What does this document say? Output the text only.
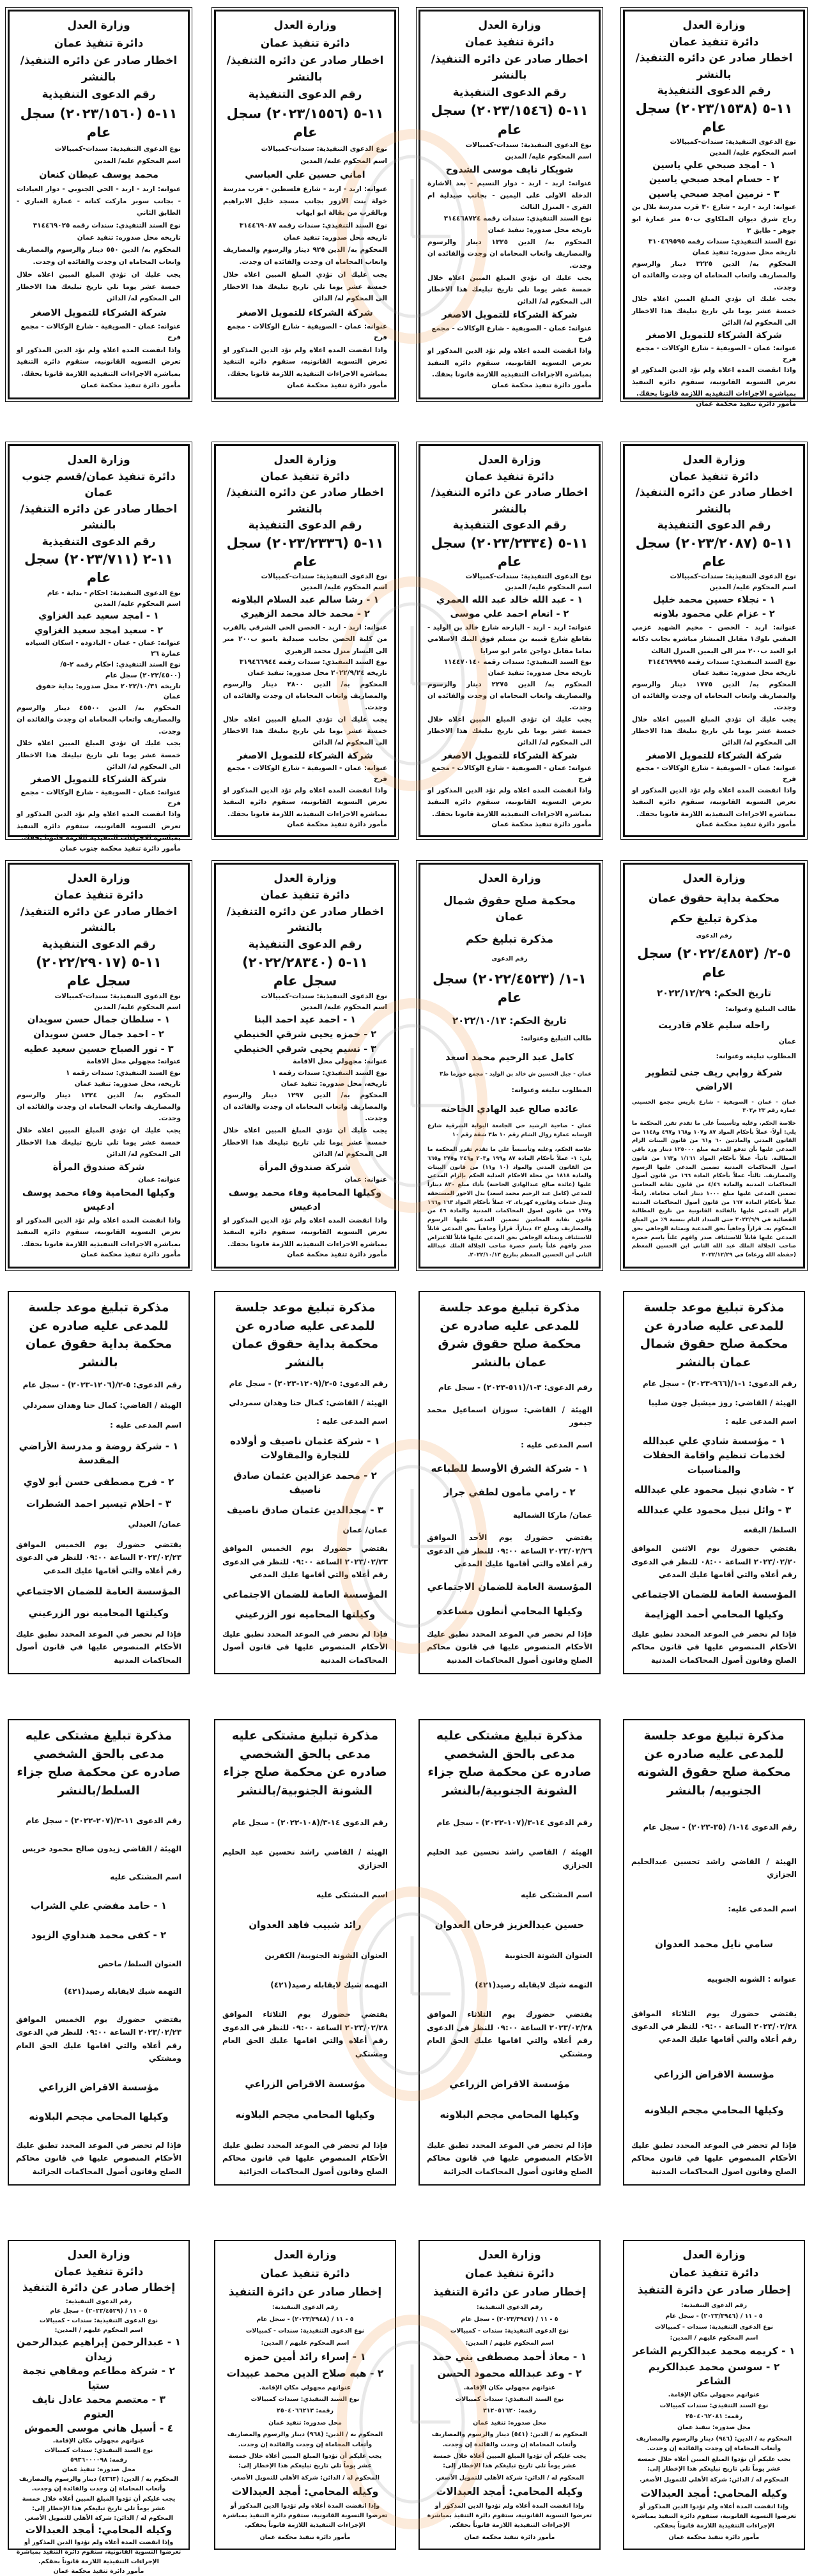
وزارة العدل

دائرة تنفيذ عمان

اخطار صادر عن دائره التنفيذ/ بالنشر

رقم الدعوى التنفيذية

١١-٥ (٢٠٢٣/١٥٣٨) سجل عام

نوع الدعوى التنفيذية: سندات-كمبيالات

اسم المحكوم عليه/ المدين

١ - امجد صبحي علي ياسين

٢ - حسام امجد صبحي ياسين

٣ - نرمين امجد صبحي ياسين

عنوانه: اربد - اربد - شارع ٣٠ قرب مدرسة بلال بن رباح شرق ديوان الملكاوي ب٥٠ متر عمارة ابو جوهر - طابق ٣

نوع السند التنفيذي: سندات رقمه ٣١٠٤٦٩٥٩٥

تاريخه محل صدوره: تنفيذ عمان

المحكوم به/ الدين ٣٢٢٥ دينار والرسوم والمصاريف واتعاب المحاماه ان وجدت والفائده ان وجدت.

يجب عليك ان تؤدي المبلغ المبين اعلاه خلال خمسة عشر يوما تلي تاريخ تبليغك هذا الاخطار الى المحكوم له/ الدائن

شركة الشركاء للتمويل الاصغر

عنوانه: عمان - الصويفية - شارع الوكالات - مجمع فرح

واذا انقضت المده اعلاه ولم تؤد الدين المذكور او تعرض التسويه القانونيه، ستقوم دائره التنفيذ بمباشره الاجراءات التنفيذيه اللازمة قانونا بحقك.

مأمور دائرة تنفيذ محكمة عمان

وزارة العدل

دائرة تنفيذ عمان

اخطار صادر عن دائره التنفيذ/ بالنشر

رقم الدعوى التنفيذية

١١-٥ (٢٠٢٣/١٥٤٦) سجل عام

نوع الدعوى التنفيذية: سندات-كمبيالات

اسم المحكوم عليه/ المدين

شويكار نايف موسى الشدوح

عنوانه: اربد - اربد - دوار النسيم - بعد الاشارة الدخلة الاولى على اليمين - بجانب صيدلية ام القرى - المنزل الثالث

نوع السند التنفيذي: سندات رقمه ٣١٤٤٦٨٧٢٤

تاريخه محل صدوره: تنفيذ عمان

المحكوم به/ الدين ١٣٢٥ دينار والرسوم والمصاريف واتعاب المحاماه ان وجدت والفائده ان وجدت.

يجب عليك ان تؤدي المبلغ المبين اعلاه خلال خمسة عشر يوما تلي تاريخ تبليغك هذا الاخطار الى المحكوم له/ الدائن

شركة الشركاء للتمويل الاصغر

عنوانه: عمان - الصويفية - شارع الوكالات - مجمع فرح

واذا انقضت المده اعلاه ولم تؤد الدين المذكور او تعرض التسويه القانونيه، ستقوم دائره التنفيذ بمباشره الاجراءات التنفيذيه اللازمة قانونا بحقك.

مأمور دائرة تنفيذ محكمة عمان

وزارة العدل

دائرة تنفيذ عمان

اخطار صادر عن دائره التنفيذ/ بالنشر

رقم الدعوى التنفيذية

١١-٥ (٢٠٢٣/١٥٥٦) سجل عام

نوع الدعوى التنفيذية: سندات-كمبيالات

اسم المحكوم عليه/ المدين

اماني حسين علي العباسي

عنوانه: اربد - اربد - شارع فلسطين - قرب مدرسة خولة بنت الازور بجانب مسجد خليل الابراهيم وبالقرب من بقالة ابو ايهاب

نوع السند التنفيذي: سندات رقمه ٣١٤٤٦٩٠٨٧

تاريخه محل صدوره: تنفيذ عمان

المحكوم به/ الدين ٩٢٥ دينار والرسوم والمصاريف واتعاب المحاماه ان وجدت والفائده ان وجدت.

يجب عليك ان تؤدي المبلغ المبين اعلاه خلال خمسة عشر يوما تلي تاريخ تبليغك هذا الاخطار الى المحكوم له/ الدائن

شركة الشركاء للتمويل الاصغر

عنوانه: عمان - الصويفية - شارع الوكالات - مجمع فرح

واذا انقضت المده اعلاه ولم تؤد الدين المذكور او تعرض التسويه القانونيه، ستقوم دائره التنفيذ بمباشره الاجراءات التنفيذيه اللازمة قانونا بحقك.

مأمور دائرة تنفيذ محكمة عمان

وزارة العدل

دائرة تنفيذ عمان

اخطار صادر عن دائره التنفيذ/ بالنشر

رقم الدعوى التنفيذية

١١-٥ (٢٠٢٣/١٥٦٠) سجل عام

نوع الدعوى التنفيذية: سندات-كمبيالات

اسم المحكوم عليه/ المدين

محمد يوسف عيطان كنعان

عنوانه: اربد - اربد - الحي الجنوبي - دوار العيادات - بجانب سوبر ماركت كنانه - عمارة الغباري - الطابق الثاني

نوع السند التنفيذي: سندات رقمه ٣١٤٤٦٩٠٢٥

تاريخه محل صدوره: تنفيذ عمان

المحكوم به/ الدين ٥٥٠ دينار والرسوم والمصاريف واتعاب المحاماه ان وجدت والفائده ان وجدت.

يجب عليك ان تؤدي المبلغ المبين اعلاه خلال خمسة عشر يوما تلي تاريخ تبليغك هذا الاخطار الى المحكوم له/ الدائن

شركة الشركاء للتمويل الاصغر

عنوانه: عمان - الصويفية - شارع الوكالات - مجمع فرح

واذا انقضت المده اعلاه ولم تؤد الدين المذكور او تعرض التسويه القانونيه، ستقوم دائره التنفيذ بمباشره الاجراءات التنفيذيه اللازمة قانونا بحقك.

مأمور دائرة تنفيذ محكمة عمان

وزارة العدل

دائرة تنفيذ عمان

اخطار صادر عن دائره التنفيذ/ بالنشر

رقم الدعوى التنفيذية

١١-٥ (٢٠٢٣/٢٠٨٧) سجل عام

نوع الدعوى التنفيذية: سندات-كمبيالات

اسم المحكوم عليه/ المدين

١ - نجلاء حسين محمد خليل

٢ - عزام علي محمود بلاونه

عنوانه: اربد - الحصن - مخيم الشهيد عزمي المفتي بلوك١ مقابل المنشار مباشره بجانب دكانه ابو العبد ب٢٠٠ متر الى اليمين المنزل الثالث

نوع السند التنفيذي: سندات رقمه ٣١٤٤٦٩٩٩٥

تاريخه محل صدوره: تنفيذ عمان

المحكوم به/ الدين ١٧٧٥ دينار والرسوم والمصاريف واتعاب المحاماه ان وجدت والفائده ان وجدت.

يجب عليك ان تؤدي المبلغ المبين اعلاه خلال خمسة عشر يوما تلي تاريخ تبليغك هذا الاخطار الى المحكوم له/ الدائن

شركة الشركاء للتمويل الاصغر

عنوانه: عمان - الصويفية - شارع الوكالات - مجمع فرح

واذا انقضت المده اعلاه ولم تؤد الدين المذكور او تعرض التسويه القانونيه، ستقوم دائره التنفيذ بمباشره الاجراءات التنفيذيه اللازمة قانونا بحقك.

مأمور دائرة تنفيذ محكمة عمان

وزارة العدل

دائرة تنفيذ عمان

اخطار صادر عن دائره التنفيذ/ بالنشر

رقم الدعوى التنفيذية

١١-٥ (٢٠٢٣/٢٣٣٤) سجل عام

نوع الدعوى التنفيذية: سندات-كمبيالات

اسم المحكوم عليه/ المدين

١ - عبد الله خالد عبد الله العمري

٢ - انعام احمد علي موسى

عنوانه: اربد - اربد - البارحه شارع خالد بن الوليد - تقاطع شارع قتيبه بن مسلم فوق البنك الاسلامي تماما مقابل دواجن عامر ابو سرايا

نوع السند التنفيذي: سندات رقمه ١١٤٤٧٠١٤٠

تاريخه محل صدوره: تنفيذ عمان

المحكوم به/ الدين ٢٢٧٥ دينار والرسوم والمصاريف واتعاب المحاماه ان وجدت والفائده ان وجدت.

يجب عليك ان تؤدي المبلغ المبين اعلاه خلال خمسة عشر يوما تلي تاريخ تبليغك هذا الاخطار الى المحكوم له/ الدائن

شركة الشركاء للتمويل الاصغر

عنوانه: عمان - الصويفية - شارع الوكالات - مجمع فرح

واذا انقضت المده اعلاه ولم تؤد الدين المذكور او تعرض التسويه القانونيه، ستقوم دائره التنفيذ بمباشره الاجراءات التنفيذيه اللازمة قانونا بحقك.

مأمور دائرة تنفيذ محكمة عمان

وزارة العدل

دائرة تنفيذ عمان

اخطار صادر عن دائره التنفيذ/ بالنشر

رقم الدعوى التنفيذية

١١-٥ (٢٠٢٣/٢٣٣٦) سجل عام

نوع الدعوى التنفيذية: سندات-كمبيالات

اسم المحكوم عليه/ المدين

١ - رشا سالم عبد السلام البلاونه

٢ - محمد خالد محمد الزهيري

عنوانه: اربد - اربد - الحصن الحي الشرقي بالقرب من كلية الحصن بجانب صيدلية يامبو ب٢٠٠ متر الى اليسار منزل محمد الزهيري

نوع السند التنفيذي: سندات رقمه ٣١٩٤٦٦٩٤٤

تاريخه ٢٠٢٢/٩/٢٤ محل صدوره: تنفيذ عمان

المحكوم به/ الدين ٢٨٠٠ دينار والرسوم والمصاريف واتعاب المحاماه ان وجدت والفائده ان وجدت.

يجب عليك ان تؤدي المبلغ المبين اعلاه خلال خمسة عشر يوما تلي تاريخ تبليغك هذا الاخطار الى المحكوم له/ الدائن

شركة الشركاء للتمويل الاصغر

عنوانه: عمان - الصويفية - شارع الوكالات - مجمع فرح

واذا انقضت المده اعلاه ولم تؤد الدين المذكور او تعرض التسويه القانونيه، ستقوم دائره التنفيذ بمباشره الاجراءات التنفيذيه اللازمة قانونا بحقك.

مأمور دائرة تنفيذ محكمة عمان

وزارة العدل

دائرة تنفيذ عمان/قسم جنوب عمان

اخطار صادر عن دائره التنفيذ/ بالنشر

رقم الدعوى التنفيذية

١١-٢ (٢٠٢٣/٧١١) سجل عام

نوع الدعوى التنفيذية: احكام - بداية - عام

اسم المحكوم عليه/ المدين

١ - امجد سعيد عبد الغزاوي

٢ - سعيد امجد سعيد الغزاوي

عنوانه: عمان - عمان - البادوده - اسكان السياده عمارة ٢٦

نوع السند التنفيذي: احكام رقمه ٢-٥/ (٢٠٢٢/٤٥٠٠) سجل عام

تاريخه ٢٠٢٢/١٠/٣١ محل صدوره: بداية حقوق عمان

المحكوم به/ الدين ٤٥٥٠٠ دينار والرسوم والمصاريف واتعاب المحاماه ان وجدت والفائده ان وجدت.

يجب عليك ان تؤدي المبلغ المبين اعلاه خلال خمسة عشر يوما تلي تاريخ تبليغك هذا الاخطار الى المحكوم له/ الدائن

شركة الشركاء للتمويل الاصغر

عنوانه: عمان - الصويفية - شارع الوكالات - مجمع فرح

واذا انقضت المده اعلاه ولم تؤد الدين المذكور او تعرض التسويه القانونيه، ستقوم دائره التنفيذ بمباشره الاجراءات التنفيذيه اللازمة قانونا بحقك.

مأمور دائرة تنفيذ محكمة جنوب عمان

وزارة العدل

محكمة بداية حقوق عمان

مذكرة تبليغ حكم

رقم الدعوى

٥-٢/ (٢٠٢٢/٤٨٥٣) سجل عام

تاريخ الحكم: ٢٠٢٢/١٢/٢٩

طالب التبليغ وعنوانه:

راحله سليم غلام قادريت

عمان

المطلوب تبليغه وعنوانه:

شركة روابي ريف جنى لتطوير الاراضي

عمان - عمان - الصويفية - شارع باريس مجمع الحسيني عمارة رقم ٢٣ م٣٠٣

خلاصة الحكم، وعليه وتأسيساً على ما تقدم تقرر المحكمة ما يلي: أولاً- عملاً بأحكام المواد ٨٧ و١٠٧ و١٦٨ و٤٩٧ و١١٤٨ من القانون المدني والمادتين ٦٠ و٦١ من قانون البينات الزام المدعى عليها بأن تدفع للمدعية مبلغ ١٢٥٠٠٠ دينار ورد باقي المطالبة. ثانياً- عملاً بأحكام المواد ١/١٦١ و١٦٣ من قانون اصول المحاكمات المدنية تضمين المدعى عليها الرسوم والمصاريف. ثالثاً- عملاً بأحكام المادة ١٦٦ من قانون أصول المحاكمات المدنية والمادة ٤/٤٦ من قانون نقابة المحامين تضمين المدعى عليها مبلغ ١٠٠٠ دينار أتعاب محاماة. رابعاً- عملاً بأحكام المادة ١٦٧ من قانون أصول المحاكمات المدنية الزام المدعى عليها بالفائدة القانونية من تاريخ المطالبة القضائية في ٢٠٢٢/٦/٩ حتى السداد التام بنسبة ٩٪ من المبلغ المحكوم به. قراراً وجاهياً بحق المدعية وبمثابة الوجاهي بحق المدعى عليها قابلاً للاستئناف صدر وافهم علناً باسم حضرة صاحب الجلالة الملك عبد الله الثاني ابن الحسين المعظم (حفظه الله ورعاه) في ٢٠٢٢/١٢/٢٩

وزارة العدل

محكمة صلح حقوق شمال عمان

مذكرة تبليغ حكم

رقم الدعوى

١-١/ (٢٠٢٢/٤٥٢٣) سجل عام

تاريخ الحكم: ٢٠٢٢/١٠/١٣

طالب التبليغ وعنوانه:

كامل عبد الرحيم محمد اسعد

عمان - جبل الحسين ش خالد بن الوليد - مجمع خورما ط٣

المطلوب تبليغه وعنوانه:

عائده صالح عبد الهادي الحاحنه

عمان - ضاحية الرشيد حي الجامعة البوابة الشرقية شارع الوسابه عمارة روال الشام رقم ١٠ ط٣ شقة رقم ١٠

خلاصة الحكم، وعليه وتأسيساً على ما تقدم تقرر المحكمة ما يلي: ١- عملاً بأحكام المادة ٨٧ و١٩٩ و٢٠٣ و٢٤٦ و٢٧٥ و٦٦٥ من القانون المدني والمواد (١٠ و١١) من قانون البينات والمادة ١٨١٨ من مجلة الاحكام العدلية الحكم بإلزام المدعى عليها (عائدة صالح عبدالهادي الحاحنة) بأداء مبلغ ٨٣٠ ديناراً للمدعي (كامل عبد الرحيم محمد اسعد) بدل الاجور المستحقة وبدل خدمات وفاتورة كهرباء. ٢- عملاً بأحكام المواد ١٦٣ و١٦٦ و١٦٧ من قانون اصول المحاكمات المدنية والمادة ٤٦ من قانون نقابة المحامين تضمين المدعى عليها الرسوم والمصاريف ومبلغ ٤٢ ديناراً. قراراً وجاهياً بحق المدعي قابلاً للاستئناف وبمثابة الوجاهي بحق المدعى عليها قابلاً للاعتراض صدر وافهم علناً باسم حضرة صاحب الجلالة الملك عبدالله الثاني ابن الحسين المعظم بتاريخ ٢٠٢٢/١٠/١٣.

وزارة العدل

دائرة تنفيذ عمان

اخطار صادر عن دائره التنفيذ/ بالنشر

رقم الدعوى التنفيذية

١١-٥ (٢٠٢٢/٢٨٣٤٠) سجل عام

نوع الدعوى التنفيذية: سندات-كمبيالات

اسم المحكوم عليه/ المدين

١ - احمد عيد احمد البنا

٢ - حمزه يحيى شرقي الخنيطي

٣ - نسيم يحيى شرقي الخنيطي

عنوانه: مجهولي محل الاقامة

نوع السند التنفيذي: سندات رقمه ١

تاريخه، محل صدوره: تنفيذ عمان

المحكوم به/ الدين ١٢٩٧ دينار والرسوم والمصاريف واتعاب المحاماه ان وجدت والفائده ان وجدت.

يجب عليك ان تؤدي المبلغ المبين اعلاه خلال خمسة عشر يوما تلي تاريخ تبليغك هذا الاخطار الى المحكوم له/ الدائن

شركة صندوق المرأة

عنوانه: عمان

وكيلها المحامية وفاء محمد يوسف ادعيس

واذا انقضت المده اعلاه ولم تؤد الدين المذكور او تعرض التسويه القانونيه، ستقوم دائره التنفيذ بمباشره الاجراءات التنفيذيه اللازمة قانونا بحقك.

مأمور دائرة تنفيذ محكمة عمان

وزارة العدل

دائرة تنفيذ عمان

اخطار صادر عن دائره التنفيذ/ بالنشر

رقم الدعوى التنفيذية

١١-٥ (٢٠٢٢/٢٩٠١٧) سجل عام

نوع الدعوى التنفيذية: سندات-كمبيالات

اسم المحكوم عليه/ المدين

١ - سلطان جمال حسن سويدان

٢ - احمد جمال حسن سويدان

٣ - نور الصباح حسين سعيد عطيه

عنوانه: مجهولي محل الاقامة

نوع السند التنفيذي: سندات رقمه ١

تاريخه، محل صدوره: تنفيذ عمان

المحكوم به/ الدين ١٣٢٤ دينار والرسوم والمصاريف واتعاب المحاماه ان وجدت والفائده ان وجدت.

يجب عليك ان تؤدي المبلغ المبين اعلاه خلال خمسة عشر يوما تلي تاريخ تبليغك هذا الاخطار الى المحكوم له/ الدائن

شركة صندوق المرأة

عنوانه: عمان

وكيلها المحامية وفاء محمد يوسف ادعيس

واذا انقضت المده اعلاه ولم تؤد الدين المذكور او تعرض التسويه القانونيه، ستقوم دائره التنفيذ بمباشره الاجراءات التنفيذيه اللازمة قانونا بحقك.

مأمور دائرة تنفيذ محكمة عمان

مذكرة تبليغ موعد جلسة للمدعى عليه صادرة عن محكمة صلح حقوق شمال عمان بالنشر

رقم الدعوى: ١-١/(٩٦٦-٢٠٢٣) - سجل عام

الهيئة / القاضي: روز ميشيل جون صليبا

اسم المدعى عليه :

١ - مؤسسة شادي علي عبدالله لخدمات تنظيم واقامة الحفلات والمناسبات

٢ - شادي نبيل محمود علي عبدالله

٣ - وائل نبيل محمود علي عبدالله

السلط/ البقعه

يقتضي حضورك يوم الاثنين الموافق ٢٠٢٣/٠٢/٢٠ الساعة ٠٨:٠٠ للنظر في الدعوى رقم أعلاه والتي أقامها عليك المدعي

المؤسسة العامة للضمان الاجتماعي

وكيلها المحامي أحمد الهزايمة

فإذا لم تحضر في الموعد المحدد تطبق عليك الأحكام المنصوص عليها في قانون محاكم الصلح وقانون أصول المحاكمات المدنية

مذكرة تبليغ موعد جلسة للمدعى عليه صادره عن محكمة صلح حقوق شرق عمان بالنشر

رقم الدعوى: ٣-١/(٥١١-٢٠٢٣) - سجل عام

الهيئة / القاضي: سوزان اسماعيل محمد جيمور

اسم المدعى عليه :

١ - شركة الشرق الأوسط للطباعه

٢ - رامي مأمون لطفي جرار

عمان/ ماركا الشمالية

يقتضي حضورك يوم الأحد الموافق ٢٠٢٣/٠٢/٢٦ الساعة ٠٩:٠٠ للنظر في الدعوى رقم أعلاه والتي أقامها عليك المدعي

المؤسسة العامة للضمان الاجتماعي

وكيلها المحامي أنطون مساعده

فإذا لم تحضر في الموعد المحدد تطبق عليك الأحكام المنصوص عليها في قانون محاكم الصلح وقانون أصول المحاكمات المدنية

مذكرة تبليغ موعد جلسة للمدعى عليه صادره عن محكمة بداية حقوق عمان بالنشر

رقم الدعوى: ٥-٢/(١٢٠٩-٢٠٢٣) - سجل عام

الهيئة / القاضي: كمال حنا وهدان سمردلي

اسم المدعى عليه :

١ - شركة عثمان ناصيف و أولاده للتجارة والمقاولات

٢ - محمد عزالدين عثمان صادق ناصيف

٣ - مجدالدين عثمان صادق ناصيف

عمان/ عمان

يقتضي حضورك يوم الخميس الموافق ٢٠٢٣/٠٢/٢٣ الساعة ٠٩:٠٠ للنظر في الدعوى رقم أعلاه والتي أقامها عليك المدعي

المؤسسة العامة للضمان الاجتماعي

وكيلتها المحاميه نور الزرعيني

فإذا لم تحضر في الموعد المحدد تطبق عليك الأحكام المنصوص عليها في قانون أصول المحاكمات المدنية

مذكرة تبليغ موعد جلسة للمدعى عليه صادره عن محكمة بداية حقوق عمان بالنشر

رقم الدعوى: ٥-٢/(١٢٠٦-٢٠٢٣) - سجل عام

الهيئة / القاضي: كمال حنا وهدان سمردلي

اسم المدعى عليه :

١ - شركة روضة و مدرسة الأراضي المقدسة

٢ - فرح مصطفى حسن أبو لاوي

٣ - احلام تيسير احمد الشطرات

عمان/ العبدلي

يقتضي حضورك يوم الخميس الموافق ٢٠٢٣/٠٢/٢٣ الساعة ٠٩:٠٠ للنظر في الدعوى رقم أعلاه والتي أقامها عليك المدعي

المؤسسة العامة للضمان الاجتماعي

وكيلتها المحاميه نور الزرعيني

فإذا لم تحضر في الموعد المحدد تطبق عليك الأحكام المنصوص عليها في قانون أصول المحاكمات المدنية

مذكرة تبليغ موعد جلسة للمدعى عليه صادره عن محكمة صلح حقوق الشونه الجنوبيه/ بالنشر

رقم الدعوى ١٤-١/ (٣٥-٢٠٢٣) - سجل عام

الهيئة / القاضي راشد تحسين عبدالحليم الجزازي

اسم المدعى عليه:

سامي نايل محمد العدوان

عنوانه : الشونه الجنوبيه

يقتضي حضورك يوم الثلاثاء الموافق ٢٠٢٣/٠٢/٢٨ الساعة ٠٩:٠٠ للنظر في الدعوى رقم أعلاه والتي أقامها عليك المدعي

مؤسسة الاقراض الزراعي

وكيلها المحامي مجحم البلاونه

فإذا لم تحضر في الموعد المحدد تطبق عليك الأحكام المنصوص عليها في قانون محاكم الصلح وقانون اصول المحاكمات المدنية

مذكرة تبليغ مشتكى عليه مدعى بالحق الشخصي صادره عن محكمة صلح جزاء الشونة الجنوبية/بالنشر

رقم الدعوى ١٤-٣/(١٠٧-٢٠٢٢) - سجل عام

الهيئة / القاضي راشد تحسين عبد الحليم الجزازي

اسم المشتكى عليه

حسين عبدالعزيز فرحان العدوان

العنوان الشونة الجنوبية

التهمه شيك لايقابله رصيد(٤٢١)

يقتضي حضورك يوم الثلاثاء الموافق ٢٠٢٣/٠٢/٢٨ الساعة ٠٩:٠٠ للنظر في الدعوى رقم أعلاه والتي اقامها عليك الحق العام ومشتكي

مؤسسة الاقراض الزراعي

وكيلها المحامي مجحم البلاونه

فإذا لم تحضر في الموعد المحدد تطبق عليك الأحكام المنصوص عليها في قانون محاكم الصلح وقانون أصول المحاكمات الجزائية

مذكرة تبليغ مشتكى عليه مدعى بالحق الشخصي صادره عن محكمة صلح جزاء الشونة الجنوبية/بالنشر

رقم الدعوى ١٤-٣/(١٠٨-٢٠٢٢) - سجل عام

الهيئة / القاضي راشد تحسين عبد الحليم الجزازي

اسم المشتكى عليه

رائد شبيب فاهد العدوان

العنوان الشونة الجنوبية/ الكفرين

التهمه شيك لايقابله رصيد(٤٢١)

يقتضي حضورك يوم الثلاثاء الموافق ٢٠٢٣/٠٢/٢٨ الساعة ٠٩:٠٠ للنظر في الدعوى رقم أعلاه والتي اقامها عليك الحق العام ومشتكي

مؤسسة الاقراض الزراعي

وكيلها المحامي مجحم البلاونه

فإذا لم تحضر في الموعد المحدد تطبق عليك الأحكام المنصوص عليها في قانون محاكم الصلح وقانون أصول المحاكمات الجزائية

مذكرة تبليغ مشتكى عليه مدعى بالحق الشخصي صادره عن محكمة صلح جزاء السلط/بالنشر

رقم الدعوى ١١-٣/(٢٠٧-٢٠٢٢) - سجل عام

الهيئة / القاضي زيدون صالح محمود خريس

اسم المشتكى عليه

١ - حامد مفضي علي الشراب

٢ - كفى محمد هنداوي الزيود

العنوان السلط/ ماحص

التهمه شيك لايقابله رصيد(٤٢١)

يقتضي حضورك يوم الخميس الموافق ٢٠٢٣/٠٢/٢٣ الساعة ٠٩:٠٠ للنظر في الدعوى رقم أعلاه والتي اقامها عليك الحق العام ومشتكي

مؤسسة الاقراض الزراعي

وكيلها المحامي مجحم البلاونه

فإذا لم تحضر في الموعد المحدد تطبق عليك الأحكام المنصوص عليها في قانون محاكم الصلح وقانون أصول المحاكمات الجزائية

وزارة العدل

دائرة تنفيذ عمان

إخطار صادر عن دائرة التنفيذ

رقم الدعوى التنفيذية:

٥ - ١١ / (٢٠٢٣/٣٩٤٦) - سجل عام

نوع الدعوى التنفيذية: سندات - كمبيالات

اسم المحكوم عليهم / المدين:

١ - كريمه محمد عبدالكريم الشاعر

٢ - سوسن محمد عبدالكريم الشاعر

عنوانهم مجهولي مكان الإقامة.

نوع السند التنفيذي: سندات كمبيالات

رقمه: ٢٥٠٤٠٦٢٠٨١

محل صدوره: تنفيذ عمان

المحكوم به / الدين: (٩٤٦) دينار والرسوم والمصاريف وأتعاب المحاماة إن وجدت والفائدة إن وجدت.

يجب عليكم أن تؤدوا المبلغ المبين أعلاه خلال خمسة عشر يوماً تلي تاريخ تبليغكم هذا الإخطار إلى:

المحكوم له / الدائن: شركة الأهلي للتمويل الأصغر.

وكيله المحامي: أمجد العبدالات

وإذا انقضت المدة أعلاه ولم تؤدوا الدين المذكور أو تعرضوا التسوية القانونية، ستقوم دائرة التنفيذ بمباشرة الإجراءات التنفيذية اللازمة قانوناً بحقكم.

مأمور دائرة تنفيذ محكمة عمان

وزارة العدل

دائرة تنفيذ عمان

إخطار صادر عن دائرة التنفيذ

رقم الدعوى التنفيذية:

٥ - ١١ / (٢٠٢٣/٣٩٤٧) - سجل عام

نوع الدعوى التنفيذية: سندات - كمبيالات

اسم المحكوم عليهم / المدين:

١ - معاذ أحمد مصطفى بني حمد

٢ - وعد عبدالله محمود الحسن

عنوانهم مجهولي مكان الإقامة.

نوع السند التنفيذي: سندات كمبيالات

رقمه: ٣١٢٠٥١٦٢٠

محل صدوره: تنفيذ عمان

المحكوم به / الدين: (٥٤١) دينار والرسوم والمصاريف وأتعاب المحاماة إن وجدت والفائدة إن وجدت.

يجب عليكم أن تؤدوا المبلغ المبين أعلاه خلال خمسة عشر يوماً تلي تاريخ تبليغكم هذا الإخطار إلى:

المحكوم له / الدائن: شركة الأهلي للتمويل الأصغر.

وكيله المحامي: أمجد العبدالات

وإذا انقضت المدة أعلاه ولم تؤدوا الدين المذكور أو تعرضوا التسوية القانونية، ستقوم دائرة التنفيذ بمباشرة الإجراءات التنفيذية اللازمة قانوناً بحقكم.

مأمور دائرة تنفيذ محكمة عمان

وزارة العدل

دائرة تنفيذ عمان

إخطار صادر عن دائرة التنفيذ

رقم الدعوى التنفيذية:

٥ - ١١ / (٢٠٢٣/٣٩٤٨) - سجل عام

نوع الدعوى التنفيذية: سندات - كمبيالات

اسم المحكوم عليهم / المدين:

١ - إسراء رائد أمين حمزه

٢ - هبه صلاح الدين محمد عبيدات

عنوانهم مجهولي مكان الإقامة.

نوع السند التنفيذي: سندات كمبيالات

رقمه: ٢٥٠٤٠٦٦٢١٣

محل صدوره: تنفيذ عمان

المحكوم به / الدين: (٩٦٨) دينار والرسوم والمصاريف وأتعاب المحاماة إن وجدت والفائدة إن وجدت.

يجب عليكم أن تؤدوا المبلغ المبين أعلاه خلال خمسة عشر يوماً تلي تاريخ تبليغكم هذا الإخطار إلى:

المحكوم له / الدائن: شركة الأهلي للتمويل الأصغر.

وكيله المحامي: أمجد العبدالات

وإذا انقضت المدة أعلاه ولم تؤدوا الدين المذكور أو تعرضوا التسوية القانونية، ستقوم دائرة التنفيذ بمباشرة الإجراءات التنفيذية اللازمة قانوناً بحقكم.

مأمور دائرة تنفيذ محكمة عمان

وزارة العدل

دائرة تنفيذ عمان

إخطار صادر عن دائرة التنفيذ

رقم الدعوى التنفيذية:

٥ - ١١ / (٢٠٢٣/٤٥٢٩) - سجل عام

نوع الدعوى التنفيذية: سندات - كمبيالات

اسم المحكوم عليهم / المدين:

١ - عبدالرحمن إبراهيم عبدالرحمن زيدان

٢ - شركة مطاعم ومقاهي نجمة ستيا

٣ - معتصم محمد عادل نايف العتوم

٤ - أسيل هاني موسى العموش

عنوانهم مجهولي مكان الإقامة.

نوع السند التنفيذي: سندات كمبيالات

رقمه: ٥٩٣٦٠٠٠٠٩٨

محل صدوره: تنفيذ عمان

المحكوم به / الدين: (٤٣٦٣) دينار والرسوم والمصاريف وأتعاب المحاماة إن وجدت والفائدة إن وجدت.

يجب عليكم أن تؤدوا المبلغ المبين أعلاه خلال خمسة عشر يوماً تلي تاريخ تبليغكم هذا الإخطار إلى:

المحكوم له / الدائن: شركة الأهلي للتمويل الأصغر.

وكيله المحامي: أمجد العبدالات

وإذا انقضت المدة أعلاه ولم تؤدوا الدين المذكور أو تعرضوا التسوية القانونية، ستقوم دائرة التنفيذ بمباشرة الإجراءات التنفيذية اللازمة قانوناً بحقكم.

مأمور دائرة تنفيذ محكمة عمان
